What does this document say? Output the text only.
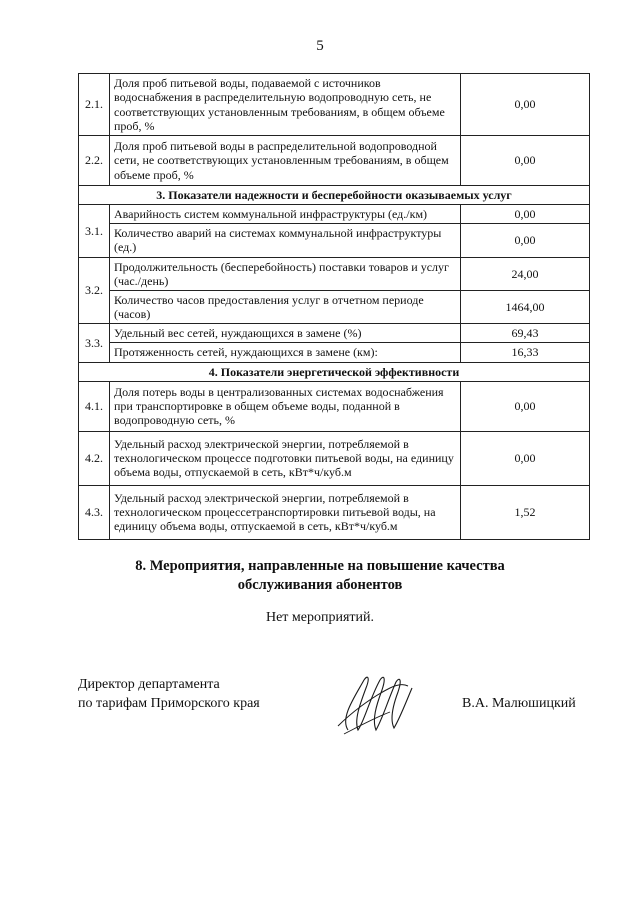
5
2.1.	Доля проб питьевой воды, подаваемой с источников водоснабжения в распределительную водопроводную сеть, не соответствующих установленным требованиям, в общем объеме проб, %	0,00
2.2.	Доля проб питьевой воды в распределительной водопроводной сети, не соответствующих установленным требованиям, в общем объеме проб, %	0,00
3. Показатели надежности и бесперебойности оказываемых услуг		
3.1.	Аварийность систем коммунальной инфраструктуры (ед./км)	0,00
	Количество аварий на системах коммунальной инфраструктуры (ед.)	0,00
3.2.	Продолжительность (бесперебойность) поставки товаров и услуг (час./день)	24,00
	Количество часов предоставления услуг в отчетном периоде (часов)	1464,00
3.3.	Удельный вес сетей, нуждающихся в замене (%)	69,43
	Протяженность сетей, нуждающихся в замене (км):	16,33
4. Показатели энергетической эффективности		
4.1.	Доля потерь воды в централизованных системах водоснабжения при транспортировке в общем объеме воды, поданной в водопроводную сеть, %	0,00
4.2.	Удельный расход электрической энергии, потребляемой в технологическом процессе подготовки питьевой воды, на единицу объема воды, отпускаемой в сеть, кВт*ч/куб.м	0,00
4.3.	Удельный расход электрической энергии, потребляемой в технологическом процессетранспортировки питьевой воды, на единицу объема воды, отпускаемой в сеть, кВт*ч/куб.м	1,52
8. Мероприятия, направленные на повышение качества
обслуживания абонентов
Нет мероприятий.
Директор департамента
по тарифам Приморского края	В.А. Малюшицкий
